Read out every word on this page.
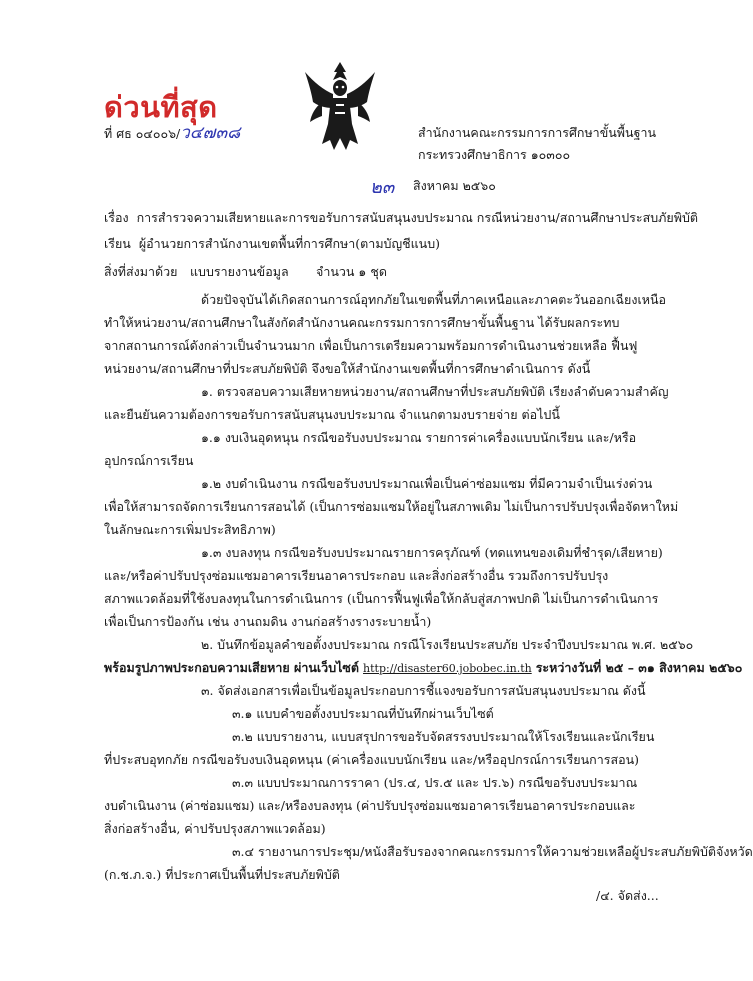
ด่วนที่สุด
ที่ ศธ ๐๔๐๐๖/ว๔๗๓๘	สำนักงานคณะกรรมการการศึกษาขั้นพื้นฐาน
กระทรวงศึกษาธิการ ๑๐๓๐๐
๒๓ สิงหาคม ๒๕๖๐
เรื่อง การสำรวจความเสียหายและการขอรับการสนับสนุนงบประมาณ กรณีหน่วยงาน/สถานศึกษาประสบภัยพิบัติ
เรียน ผู้อำนวยการสำนักงานเขตพื้นที่การศึกษา(ตามบัญชีแนบ)
สิ่งที่ส่งมาด้วย แบบรายงานข้อมูล จำนวน ๑ ชุด
ด้วยปัจจุบันได้เกิดสถานการณ์อุทกภัยในเขตพื้นที่ภาคเหนือและภาคตะวันออกเฉียงเหนือ
ทำให้หน่วยงาน/สถานศึกษาในสังกัดสำนักงานคณะกรรมการการศึกษาขั้นพื้นฐาน ได้รับผลกระทบ
จากสถานการณ์ดังกล่าวเป็นจำนวนมาก เพื่อเป็นการเตรียมความพร้อมการดำเนินงานช่วยเหลือ ฟื้นฟู
หน่วยงาน/สถานศึกษาที่ประสบภัยพิบัติ จึงขอให้สำนักงานเขตพื้นที่การศึกษาดำเนินการ ดังนี้
๑. ตรวจสอบความเสียหายหน่วยงาน/สถานศึกษาที่ประสบภัยพิบัติ เรียงลำดับความสำคัญ
และยืนยันความต้องการขอรับการสนับสนุนงบประมาณ จำแนกตามงบรายจ่าย ต่อไปนี้
๑.๑ งบเงินอุดหนุน กรณีขอรับงบประมาณ รายการค่าเครื่องแบบนักเรียน และ/หรือ
อุปกรณ์การเรียน
๑.๒ งบดำเนินงาน กรณีขอรับงบประมาณเพื่อเป็นค่าซ่อมแซม ที่มีความจำเป็นเร่งด่วน
เพื่อให้สามารถจัดการเรียนการสอนได้ (เป็นการซ่อมแซมให้อยู่ในสภาพเดิม ไม่เป็นการปรับปรุงเพื่อจัดหาใหม่
ในลักษณะการเพิ่มประสิทธิภาพ)
๑.๓ งบลงทุน กรณีขอรับงบประมาณรายการครุภัณฑ์ (ทดแทนของเดิมที่ชำรุด/เสียหาย)
และ/หรือค่าปรับปรุงซ่อมแซมอาคารเรียนอาคารประกอบ และสิ่งก่อสร้างอื่น รวมถึงการปรับปรุง
สภาพแวดล้อมที่ใช้งบลงทุนในการดำเนินการ (เป็นการฟื้นฟูเพื่อให้กลับสู่สภาพปกติ ไม่เป็นการดำเนินการ
เพื่อเป็นการป้องกัน เช่น งานถมดิน งานก่อสร้างรางระบายน้ำ)
๒. บันทึกข้อมูลคำขอตั้งงบประมาณ กรณีโรงเรียนประสบภัย ประจำปีงบประมาณ พ.ศ. ๒๕๖๐
พร้อมรูปภาพประกอบความเสียหาย ผ่านเว็บไซต์ http://disaster60.jobobec.in.th ระหว่างวันที่ ๒๕ – ๓๑ สิงหาคม ๒๕๖๐
๓. จัดส่งเอกสารเพื่อเป็นข้อมูลประกอบการชี้แจงขอรับการสนับสนุนงบประมาณ ดังนี้
๓.๑ แบบคำขอตั้งงบประมาณที่บันทึกผ่านเว็บไซต์
๓.๒ แบบรายงาน, แบบสรุปการขอรับจัดสรรงบประมาณให้โรงเรียนและนักเรียน
ที่ประสบอุทกภัย กรณีขอรับงบเงินอุดหนุน (ค่าเครื่องแบบนักเรียน และ/หรืออุปกรณ์การเรียนการสอน)
๓.๓ แบบประมาณการราคา (ปร.๔, ปร.๕ และ ปร.๖) กรณีขอรับงบประมาณ
งบดำเนินงาน (ค่าซ่อมแซม) และ/หรืองบลงทุน (ค่าปรับปรุงซ่อมแซมอาคารเรียนอาคารประกอบและ
สิ่งก่อสร้างอื่น, ค่าปรับปรุงสภาพแวดล้อม)
๓.๔ รายงานการประชุม/หนังสือรับรองจากคณะกรรมการให้ความช่วยเหลือผู้ประสบภัยพิบัติจังหวัด
(ก.ช.ภ.จ.) ที่ประกาศเป็นพื้นที่ประสบภัยพิบัติ
/๔. จัดส่ง...
